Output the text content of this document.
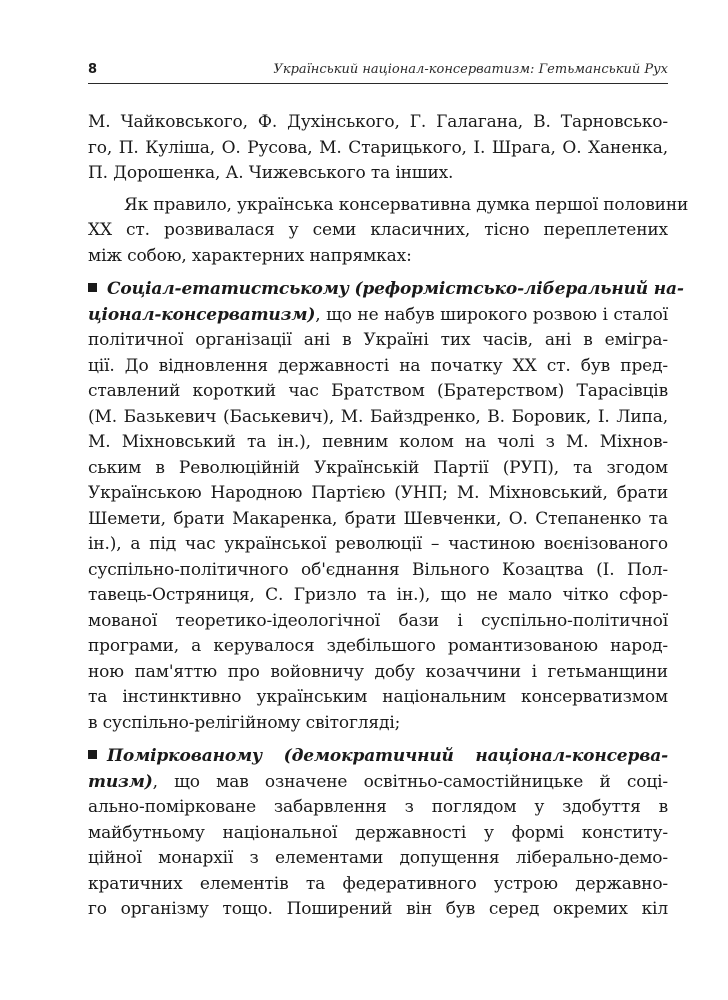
8	Український націонал-консерватизм: Гетьманський Рух
М. Чайковського, Ф. Духінського, Г. Галагана, В. Тарновсько-
го, П. Куліша, О. Русова, М. Старицького, І. Шрага, О. Ханенка,
П. Дорошенка, А. Чижевського та інших.
Як правило, українська консервативна думка першої половини
ХХ ст. розвивалася у семи класичних, тісно переплетених
між собою, характерних напрямках:
Соціал-етатистському (реформістсько-ліберальний на-
ціонал-консерватизм), що не набув широкого розвою і сталої
політичної організації ані в Україні тих часів, ані в емігра-
ції. До відновлення державності на початку ХХ ст. був пред-
ставлений короткий час Братством (Братерством) Тарасівців
(М. Базькевич (Баськевич), М. Байздренко, В. Боровик, І. Липа,
М. Міхновський та ін.), певним колом на чолі з М. Міхнов-
ським в Революційній Українській Партії (РУП), та згодом
Українською Народною Партією (УНП; М. Міхновський, брати
Шемети, брати Макаренка, брати Шевченки, О. Степаненко та
ін.), а під час української революції – частиною воєнізованого
суспільно-політичного об'єднання Вільного Козацтва (І. Пол-
тавець-Остряниця, С. Гризло та ін.), що не мало чітко сфор-
мованої теоретико-ідеологічної бази і суспільно-політичної
програми, а керувалося здебільшого романтизованою народ-
ною пам'яттю про войовничу добу козаччини і гетьманщини
та інстинктивно українським національним консерватизмом
в суспільно-релігійному світогляді;
Поміркованому (демократичний націонал-консерва-
тизм), що мав означене освітньо-самостійницьке й соці-
ально-помірковане забарвлення з поглядом у здобуття в
майбутньому національної державності у формі конститу-
ційної монархії з елементами допущення ліберально-демо-
кратичних елементів та федеративного устрою державно-
го організму тощо. Поширений він був серед окремих кіл
